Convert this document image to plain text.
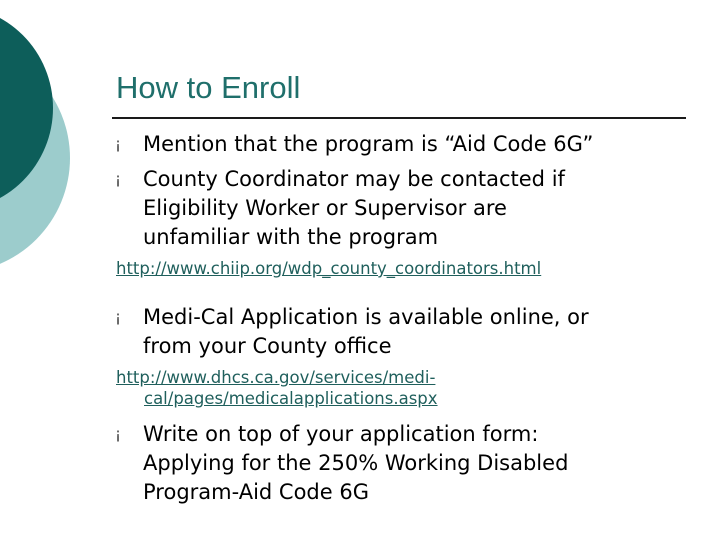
How to Enroll
¡ Mention that the program is “Aid Code 6G”
¡ County Coordinator may be contacted if
Eligibility Worker or Supervisor are
unfamiliar with the program
http://www.chiip.org/wdp_county_coordinators.html
¡ Medi-Cal Application is available online, or
from your County office
http://www.dhcs.ca.gov/services/medi-
cal/pages/medicalapplications.aspx
¡ Write on top of your application form:
Applying for the 250% Working Disabled
Program-Aid Code 6G
